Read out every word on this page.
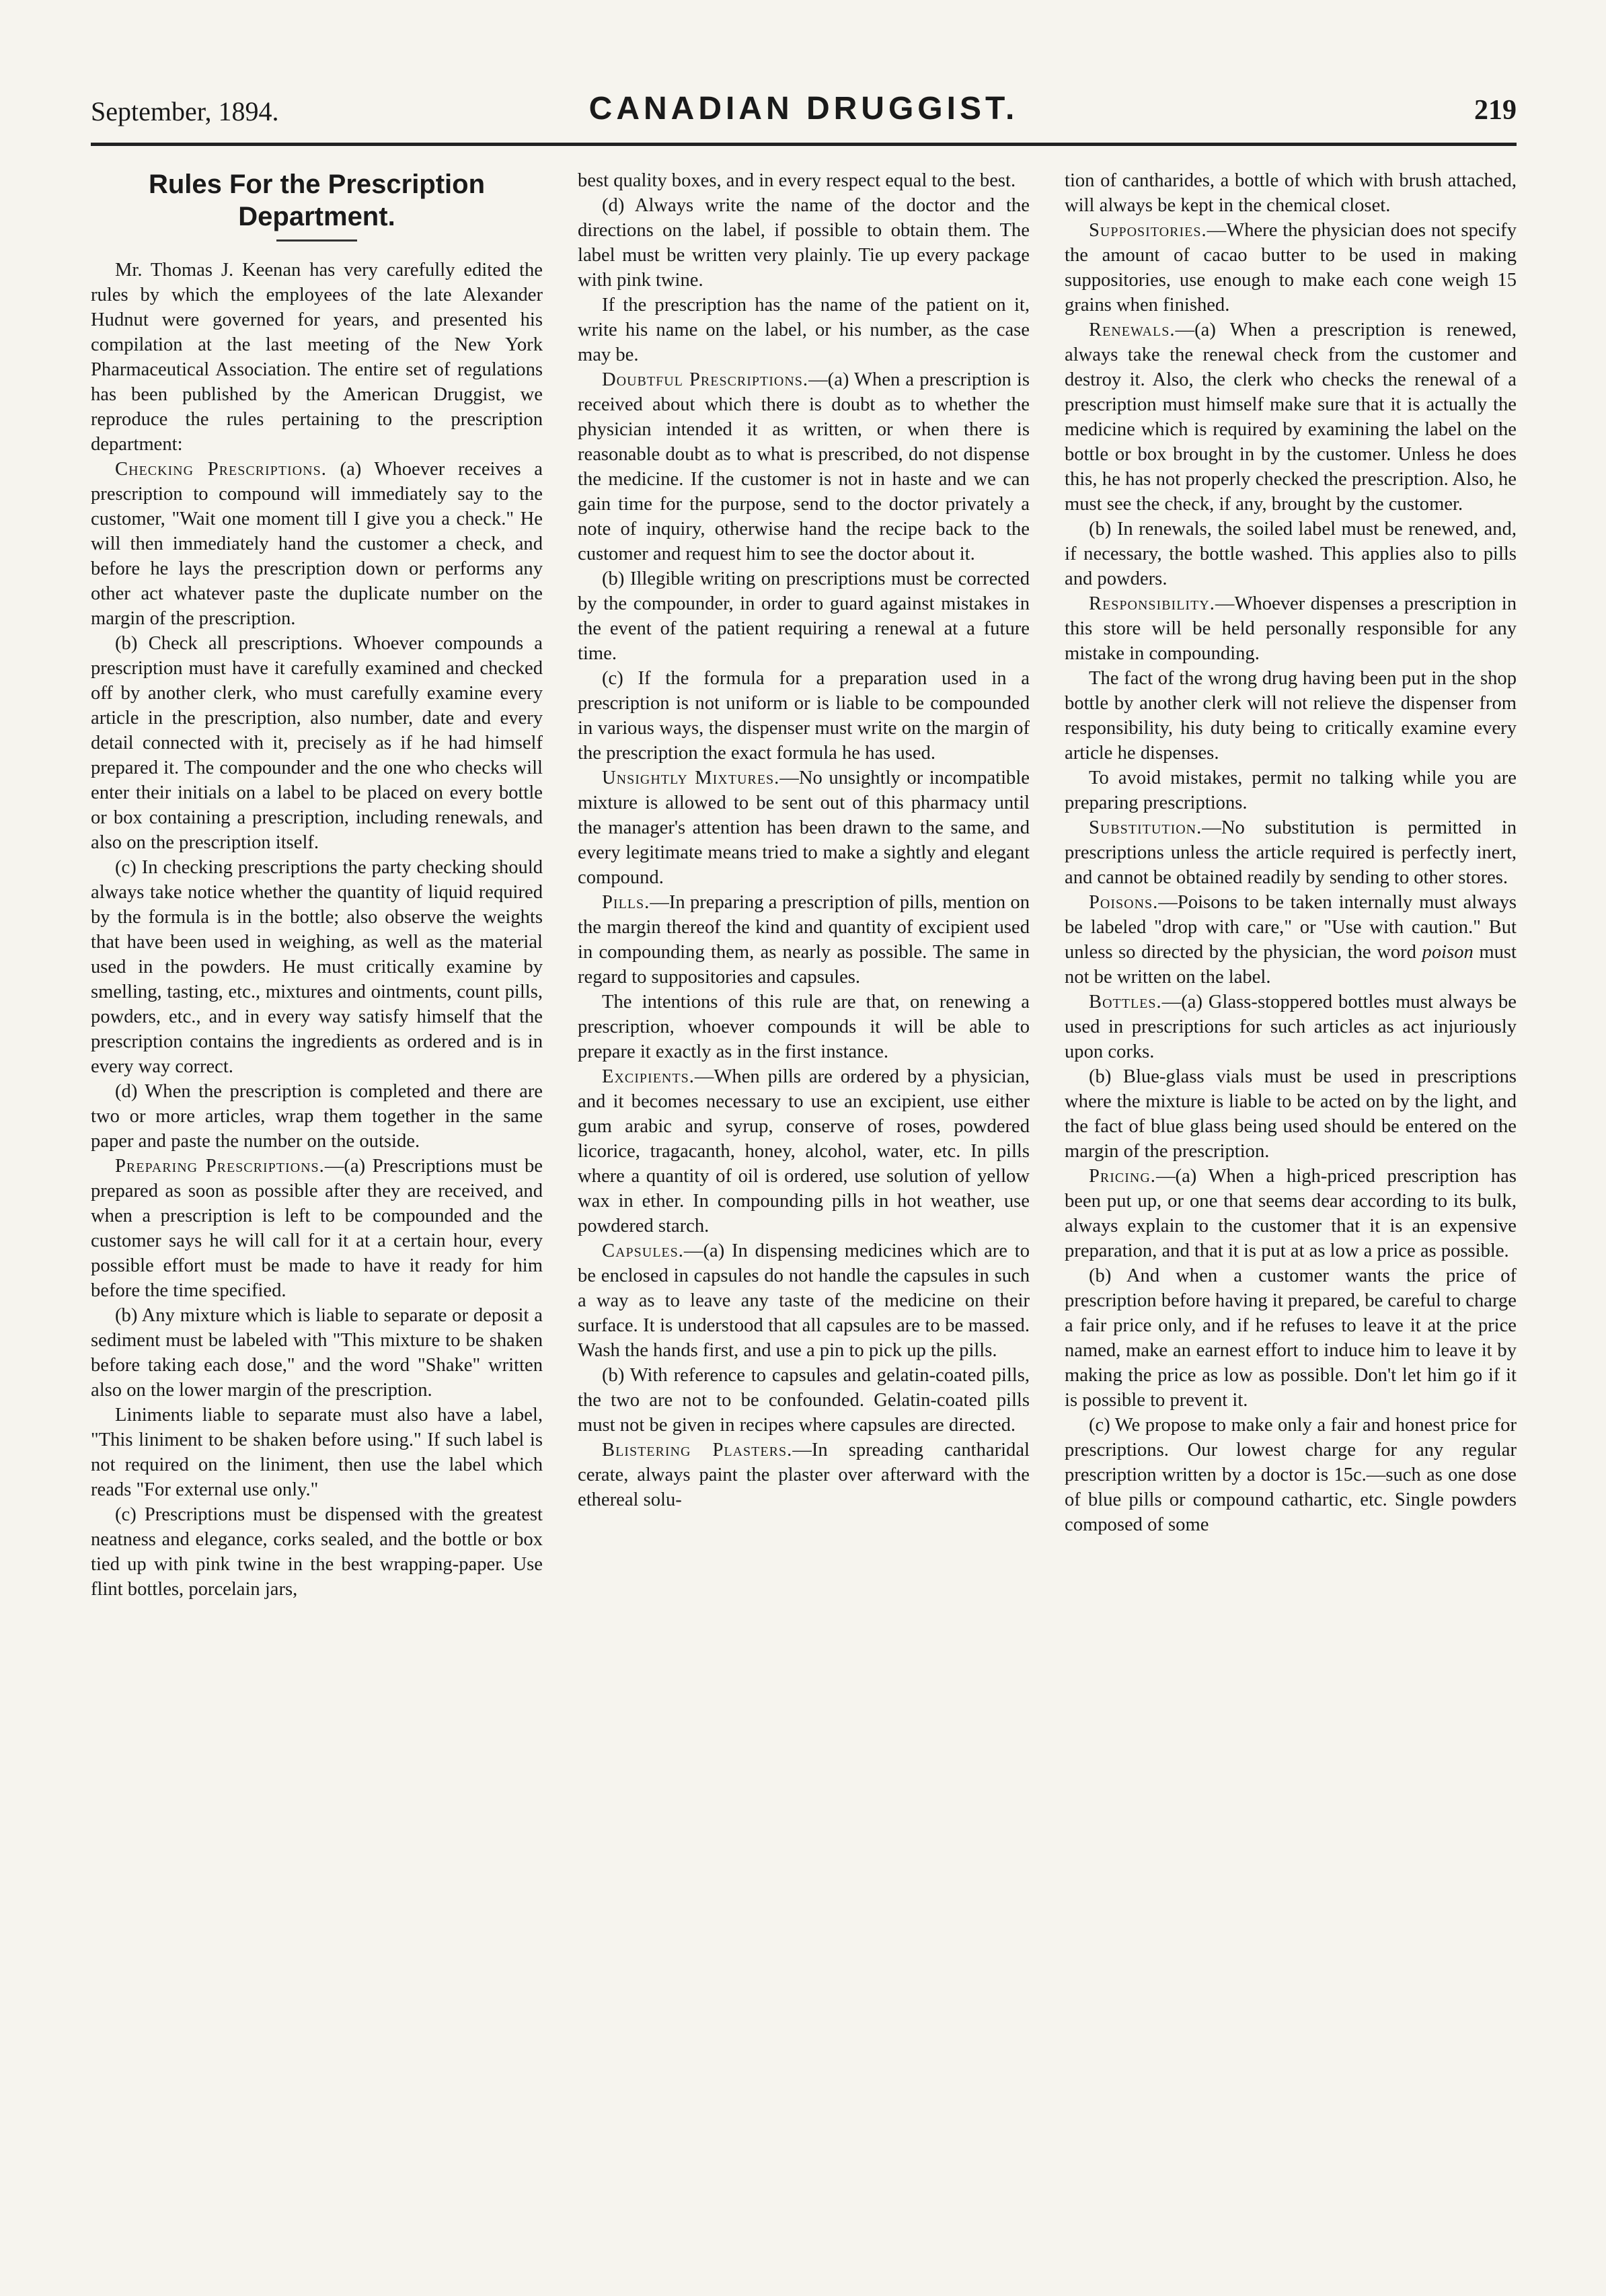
September, 1894.	CANADIAN DRUGGIST.	219
Rules For the Prescription Department.

Mr. Thomas J. Keenan has very carefully edited the rules by which the employees of the late Alexander Hudnut were governed for years, and presented his compilation at the last meeting of the New York Pharmaceutical Association. The entire set of regulations has been published by the American Druggist, we reproduce the rules pertaining to the prescription department:

Checking Prescriptions. (a) Whoever receives a prescription to compound will immediately say to the customer, "Wait one moment till I give you a check." He will then immediately hand the customer a check, and before he lays the prescription down or performs any other act whatever paste the duplicate number on the margin of the prescription.

(b) Check all prescriptions. Whoever compounds a prescription must have it carefully examined and checked off by another clerk, who must carefully examine every article in the prescription, also number, date and every detail connected with it, precisely as if he had himself prepared it. The compounder and the one who checks will enter their initials on a label to be placed on every bottle or box containing a prescription, including renewals, and also on the prescription itself.

(c) In checking prescriptions the party checking should always take notice whether the quantity of liquid required by the formula is in the bottle; also observe the weights that have been used in weighing, as well as the material used in the powders. He must critically examine by smelling, tasting, etc., mixtures and ointments, count pills, powders, etc., and in every way satisfy himself that the prescription contains the ingredients as ordered and is in every way correct.

(d) When the prescription is completed and there are two or more articles, wrap them together in the same paper and paste the number on the outside.

Preparing Prescriptions.—(a) Prescriptions must be prepared as soon as possible after they are received, and when a prescription is left to be compounded and the customer says he will call for it at a certain hour, every possible effort must be made to have it ready for him before the time specified.

(b) Any mixture which is liable to separate or deposit a sediment must be labeled with "This mixture to be shaken before taking each dose," and the word "Shake" written also on the lower margin of the prescription.

Liniments liable to separate must also have a label, "This liniment to be shaken before using." If such label is not required on the liniment, then use the label which reads "For external use only."

(c) Prescriptions must be dispensed with the greatest neatness and elegance, corks sealed, and the bottle or box tied up with pink twine in the best wrapping-paper. Use flint bottles, porcelain jars,

best quality boxes, and in every respect equal to the best.

(d) Always write the name of the doctor and the directions on the label, if possible to obtain them. The label must be written very plainly. Tie up every package with pink twine.

If the prescription has the name of the patient on it, write his name on the label, or his number, as the case may be.

Doubtful Prescriptions.—(a) When a prescription is received about which there is doubt as to whether the physician intended it as written, or when there is reasonable doubt as to what is prescribed, do not dispense the medicine. If the customer is not in haste and we can gain time for the purpose, send to the doctor privately a note of inquiry, otherwise hand the recipe back to the customer and request him to see the doctor about it.

(b) Illegible writing on prescriptions must be corrected by the compounder, in order to guard against mistakes in the event of the patient requiring a renewal at a future time.

(c) If the formula for a preparation used in a prescription is not uniform or is liable to be compounded in various ways, the dispenser must write on the margin of the prescription the exact formula he has used.

Unsightly Mixtures.—No unsightly or incompatible mixture is allowed to be sent out of this pharmacy until the manager's attention has been drawn to the same, and every legitimate means tried to make a sightly and elegant compound.

Pills.—In preparing a prescription of pills, mention on the margin thereof the kind and quantity of excipient used in compounding them, as nearly as possible. The same in regard to suppositories and capsules.

The intentions of this rule are that, on renewing a prescription, whoever compounds it will be able to prepare it exactly as in the first instance.

Excipients.—When pills are ordered by a physician, and it becomes necessary to use an excipient, use either gum arabic and syrup, conserve of roses, powdered licorice, tragacanth, honey, alcohol, water, etc. In pills where a quantity of oil is ordered, use solution of yellow wax in ether. In compounding pills in hot weather, use powdered starch.

Capsules.—(a) In dispensing medicines which are to be enclosed in capsules do not handle the capsules in such a way as to leave any taste of the medicine on their surface. It is understood that all capsules are to be massed. Wash the hands first, and use a pin to pick up the pills.

(b) With reference to capsules and gelatin-coated pills, the two are not to be confounded. Gelatin-coated pills must not be given in recipes where capsules are directed.

Blistering Plasters.—In spreading cantharidal cerate, always paint the plaster over afterward with the ethereal solu-

tion of cantharides, a bottle of which with brush attached, will always be kept in the chemical closet.

Suppositories.—Where the physician does not specify the amount of cacao butter to be used in making suppositories, use enough to make each cone weigh 15 grains when finished.

Renewals.—(a) When a prescription is renewed, always take the renewal check from the customer and destroy it. Also, the clerk who checks the renewal of a prescription must himself make sure that it is actually the medicine which is required by examining the label on the bottle or box brought in by the customer. Unless he does this, he has not properly checked the prescription. Also, he must see the check, if any, brought by the customer.

(b) In renewals, the soiled label must be renewed, and, if necessary, the bottle washed. This applies also to pills and powders.

Responsibility.—Whoever dispenses a prescription in this store will be held personally responsible for any mistake in compounding.

The fact of the wrong drug having been put in the shop bottle by another clerk will not relieve the dispenser from responsibility, his duty being to critically examine every article he dispenses.

To avoid mistakes, permit no talking while you are preparing prescriptions.

Substitution.—No substitution is permitted in prescriptions unless the article required is perfectly inert, and cannot be obtained readily by sending to other stores.

Poisons.—Poisons to be taken internally must always be labeled "drop with care," or "Use with caution." But unless so directed by the physician, the word poison must not be written on the label.

Bottles.—(a) Glass-stoppered bottles must always be used in prescriptions for such articles as act injuriously upon corks.

(b) Blue-glass vials must be used in prescriptions where the mixture is liable to be acted on by the light, and the fact of blue glass being used should be entered on the margin of the prescription.

Pricing.—(a) When a high-priced prescription has been put up, or one that seems dear according to its bulk, always explain to the customer that it is an expensive preparation, and that it is put at as low a price as possible.

(b) And when a customer wants the price of prescription before having it prepared, be careful to charge a fair price only, and if he refuses to leave it at the price named, make an earnest effort to induce him to leave it by making the price as low as possible. Don't let him go if it is possible to prevent it.

(c) We propose to make only a fair and honest price for prescriptions. Our lowest charge for any regular prescription written by a doctor is 15c.—such as one dose of blue pills or compound cathartic, etc. Single powders composed of some
